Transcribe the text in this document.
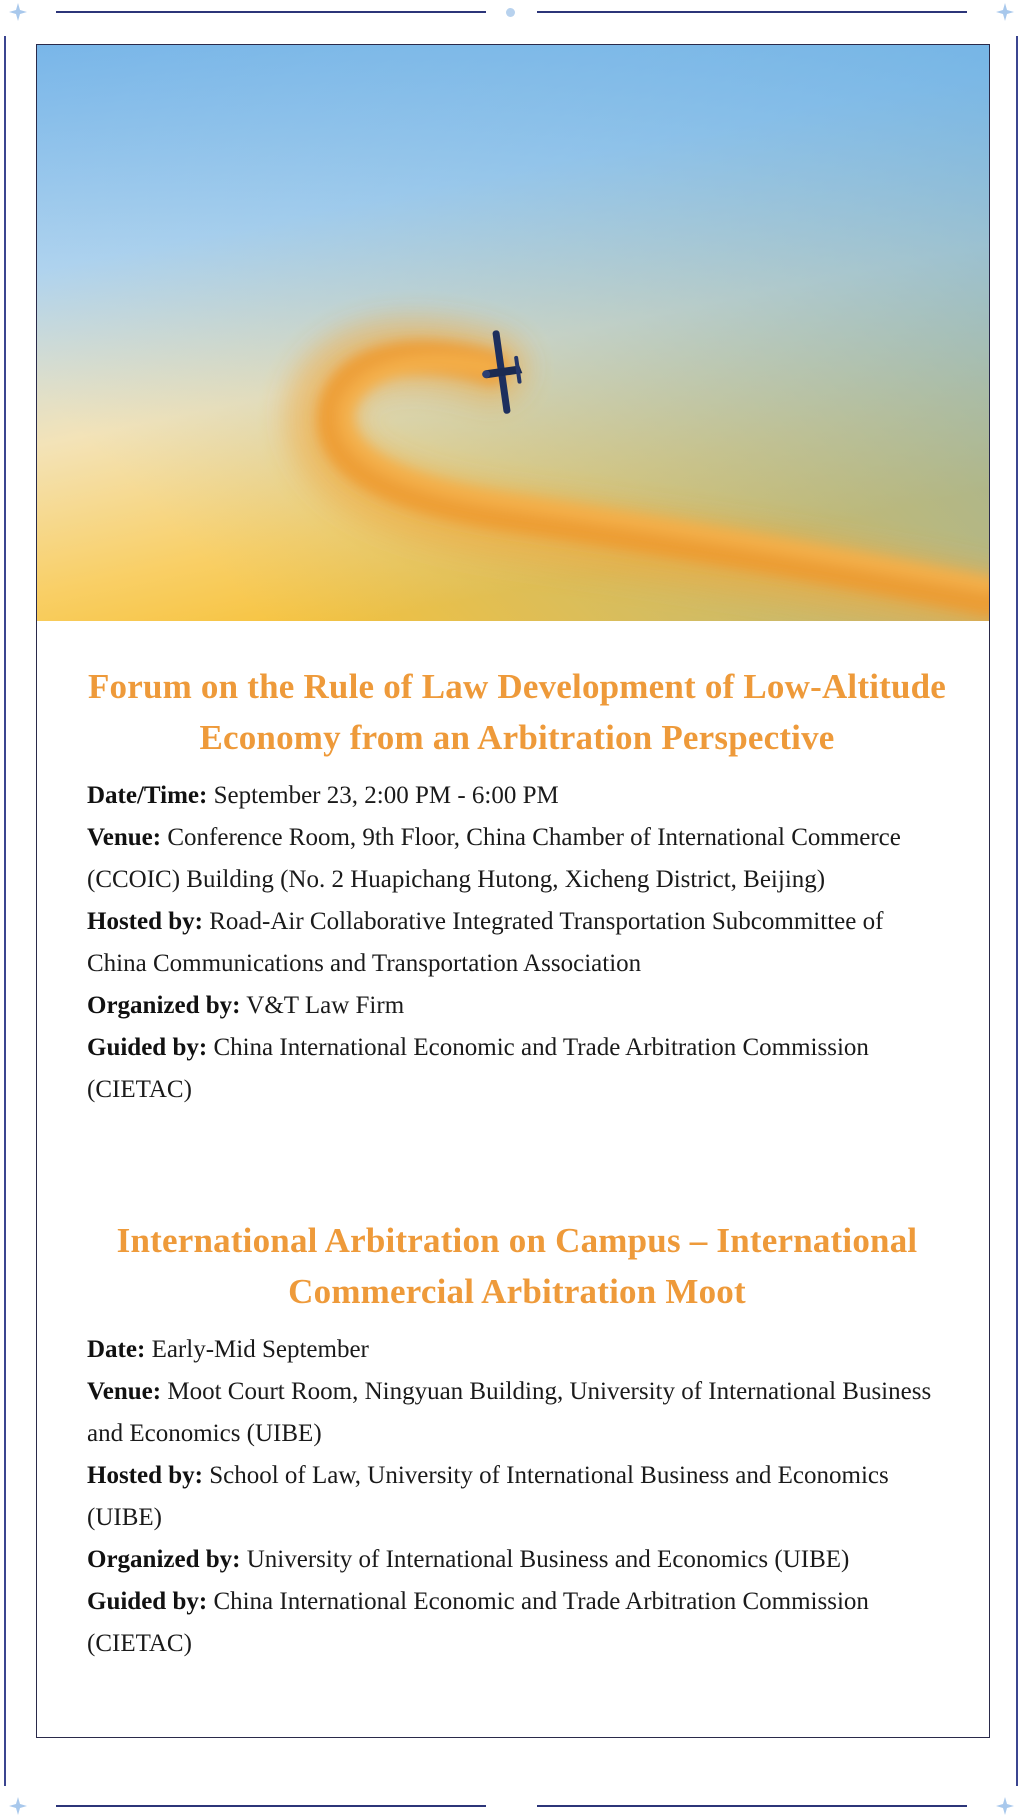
Forum on the Rule of Law Development of Low-Altitude Economy from an Arbitration Perspective

Date/Time: September 23, 2:00 PM - 6:00 PM

Venue: Conference Room, 9th Floor, China Chamber of International Commerce (CCOIC) Building (No. 2 Huapichang Hutong, Xicheng District, Beijing)

Hosted by: Road-Air Collaborative Integrated Transportation Subcommittee of China Communications and Transportation Association

Organized by: V&T Law Firm

Guided by: China International Economic and Trade Arbitration Commission (CIETAC)

International Arbitration on Campus – International Commercial Arbitration Moot

Date: Early-Mid September

Venue: Moot Court Room, Ningyuan Building, University of International Business and Economics (UIBE)

Hosted by: School of Law, University of International Business and Economics (UIBE)

Organized by: University of International Business and Economics (UIBE)

Guided by: China International Economic and Trade Arbitration Commission (CIETAC)
